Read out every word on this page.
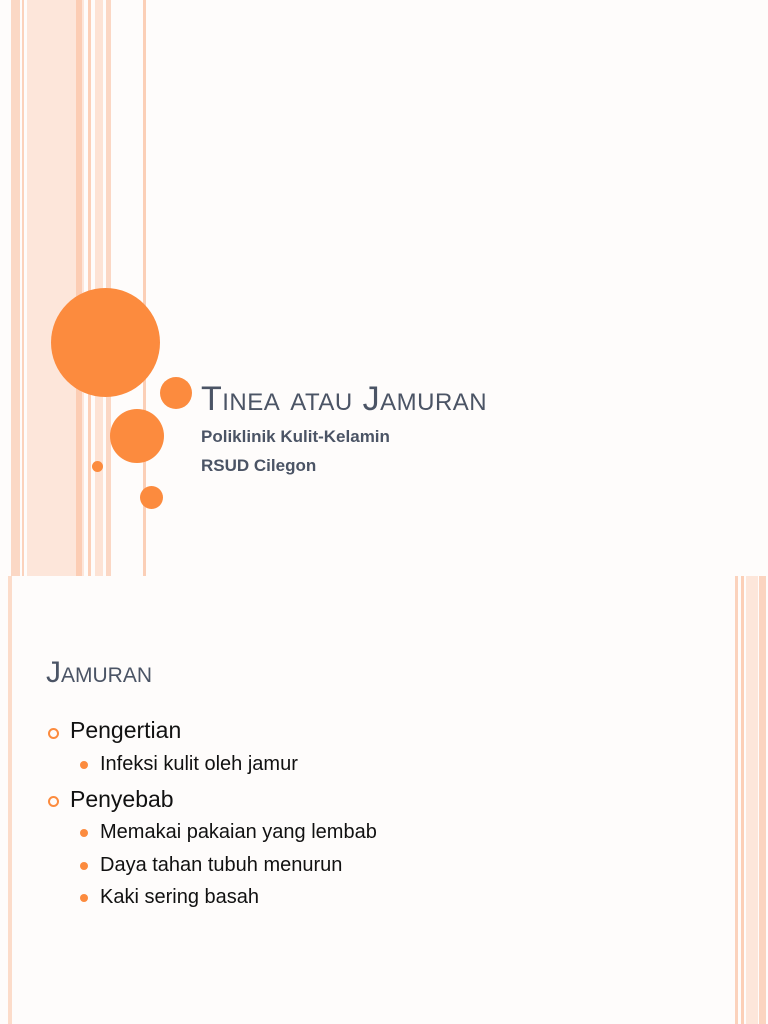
Tinea atau Jamuran
Poliklinik Kulit-Kelamin
RSUD Cilegon
Jamuran
Pengertian
Infeksi kulit oleh jamur
Penyebab
Memakai pakaian yang lembab
Daya tahan tubuh menurun
Kaki sering basah
